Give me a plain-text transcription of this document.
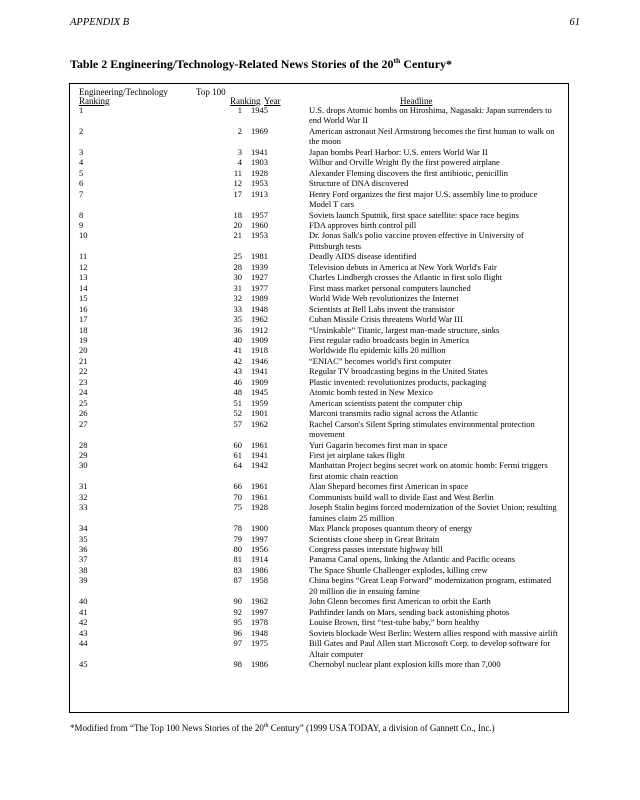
APPENDIX B	61
Table 2 Engineering/Technology-Related News Stories of the 20th Century*
Engineering/Technology	Top 100
Ranking	Ranking Year	Headline
1	1	1945	U.S. drops Atomic bombs on Hiroshima, Nagasaki: Japan surrenders to end World War II
2	2	1969	American astronaut Neil Armstrong becomes the first human to walk on the moon
3	3	1941	Japan bombs Pearl Harbor: U.S. enters World War II
4	4	1903	Wilbur and Orville Wright fly the first powered airplane
5	11	1928	Alexander Fleming discovers the first antibiotic, penicillin
6	12	1953	Structure of DNA discovered
7	17	1913	Henry Ford organizes the first major U.S. assembly line to produce Model T cars
8	18	1957	Soviets launch Sputnik, first space satellite: space race begins
9	20	1960	FDA approves birth control pill
10	21	1953	Dr. Jonas Salk's polio vaccine proven effective in University of Pittsburgh tests
11	25	1981	Deadly AIDS disease identified
12	28	1939	Television debuts in America at New York World's Fair
13	30	1927	Charles Lindbergh crosses the Atlantic in first solo flight
14	31	1977	First mass market personal computers launched
15	32	1989	World Wide Web revolutionizes the Internet
16	33	1948	Scientists at Bell Labs invent the transistor
17	35	1962	Cuban Missile Crisis threatens World War III
18	36	1912	“Unsinkable” Titanic, largest man-made structure, sinks
19	40	1909	First regular radio broadcasts begin in America
20	41	1918	Worldwide flu epidemic kills 20 million
21	42	1946	“ENIAC” becomes world's first computer
22	43	1941	Regular TV broadcasting begins in the United States
23	46	1909	Plastic invented: revolutionizes products, packaging
24	48	1945	Atomic bomb tested in New Mexico
25	51	1959	American scientists patent the computer chip
26	52	1901	Marconi transmits radio signal across the Atlantic
27	57	1962	Rachel Carson's Silent Spring stimulates environmental protection movement
28	60	1961	Yuri Gagarin becomes first man in space
29	61	1941	First jet airplane takes flight
30	64	1942	Manhattan Project begins secret work on atomic bomb: Fermi triggers first atomic chain reaction
31	66	1961	Alan Shepard becomes first American in space
32	70	1961	Communists build wall to divide East and West Berlin
33	75	1928	Joseph Stalin begins forced modernization of the Soviet Union; resulting famines claim 25 million
34	78	1900	Max Planck proposes quantum theory of energy
35	79	1997	Scientists clone sheep in Great Britain
36	80	1956	Congress passes interstate highway bill
37	81	1914	Panama Canal opens, linking the Atlantic and Pacific oceans
38	83	1986	The Space Shuttle Challenger explodes, killing crew
39	87	1958	China begins “Great Leap Forward” modernization program, estimated 20 million die in ensuing famine
40	90	1962	John Glenn becomes first American to orbit the Earth
41	92	1997	Pathfinder lands on Mars, sending back astonishing photos
42	95	1978	Louise Brown, first “test-tube baby,” born healthy
43	96	1948	Soviets blockade West Berlin: Western allies respond with massive airlift
44	97	1975	Bill Gates and Paul Allen start Microsoft Corp. to develop software for Altair computer
45	98	1986	Chernobyl nuclear plant explosion kills more than 7,000
*Modified from “The Top 100 News Stories of the 20th Century” (1999 USA TODAY, a division of Gannett Co., Inc.)
